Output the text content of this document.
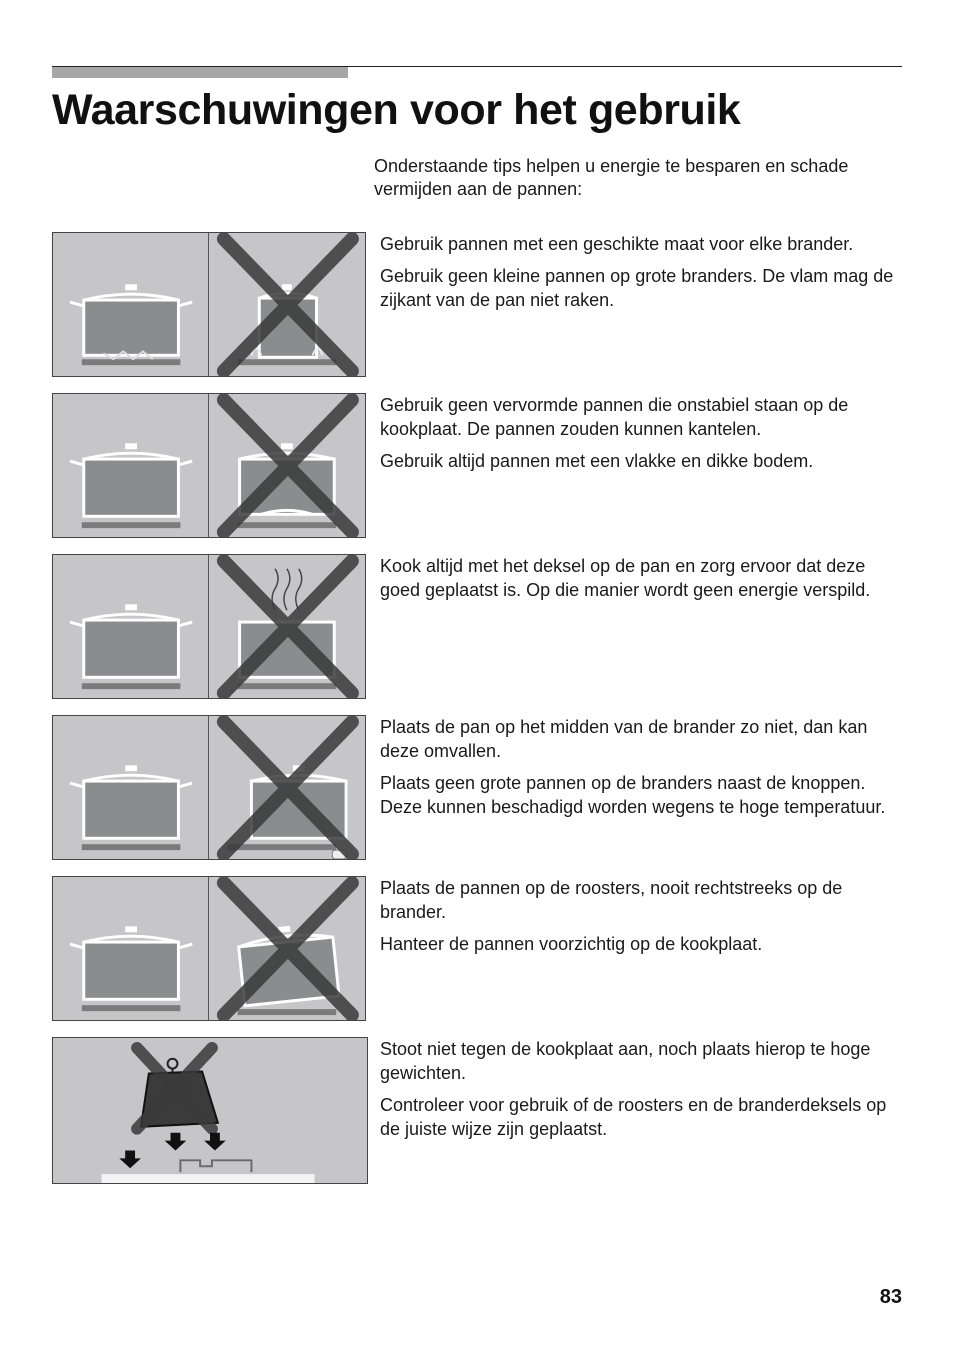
Waarschuwingen voor het gebruik

Onderstaande tips helpen u energie te besparen en schade vermijden aan de pannen:

Gebruik pannen met een geschikte maat voor elke brander.

Gebruik geen kleine pannen op grote branders. De vlam mag de zijkant van de pan niet raken.

Gebruik geen vervormde pannen die onstabiel staan op de kookplaat. De pannen zouden kunnen kantelen.

Gebruik altijd pannen met een vlakke en dikke bodem.

Kook altijd met het deksel op de pan en zorg ervoor dat deze goed geplaatst is. Op die manier wordt geen energie verspild.

Plaats de pan op het midden van de brander zo niet, dan kan deze omvallen.

Plaats geen grote pannen op de branders naast de knoppen. Deze kunnen beschadigd worden wegens te hoge temperatuur.

Plaats de pannen op de roosters, nooit rechtstreeks op de brander.

Hanteer de pannen voorzichtig op de kookplaat.

Stoot niet tegen de kookplaat aan, noch plaats hierop te hoge gewichten.

Controleer voor gebruik of de roosters en de branderdeksels op de juiste wijze zijn geplaatst.

83
